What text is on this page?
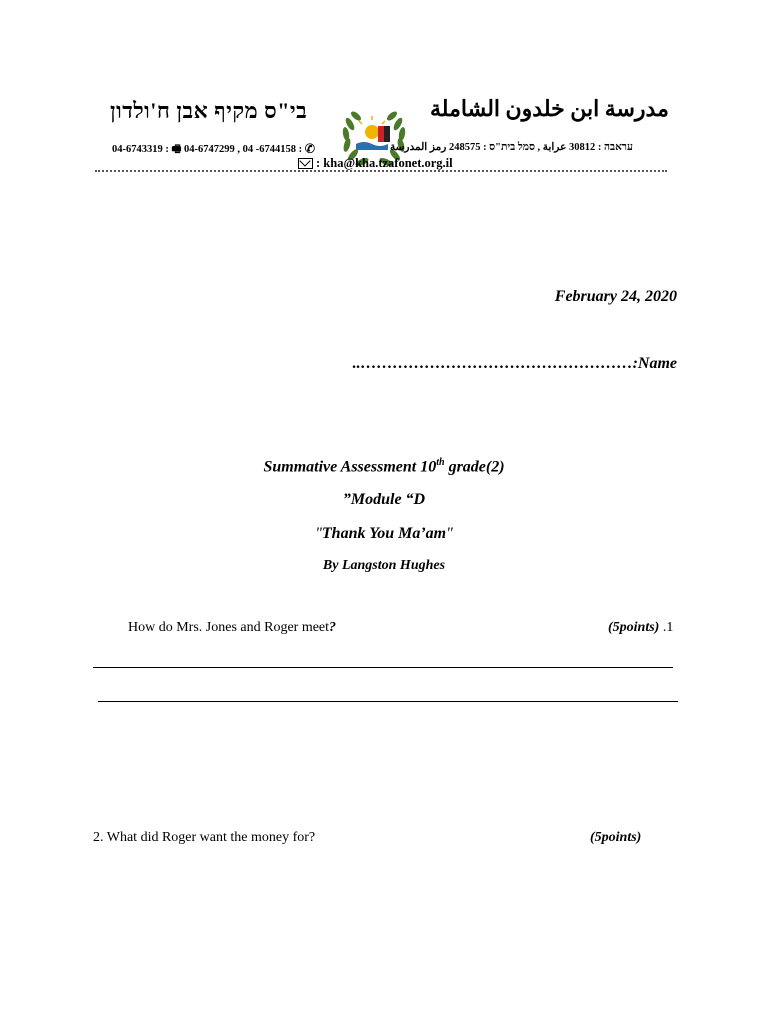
בי"ס מקיף אבן ח'ולדון	مدرسة ابن خلدون الشاملة
04-6743319 : 🖷 04-6747299 , 04 -6744158 : ✆	עראבה : 30812 عرابة , סמל בית"ס : 248575 رمز المدرسة
: kha@kha.tzafonet.org.il
February 24, 2020
..……………………………………………:Name
Summative Assessment 10th grade(2)
”Module “D
"Thank You Ma’am"
By Langston Hughes
How do Mrs. Jones and Roger meet?	(5points) .1
2. What did Roger want the money for?	(5points)
